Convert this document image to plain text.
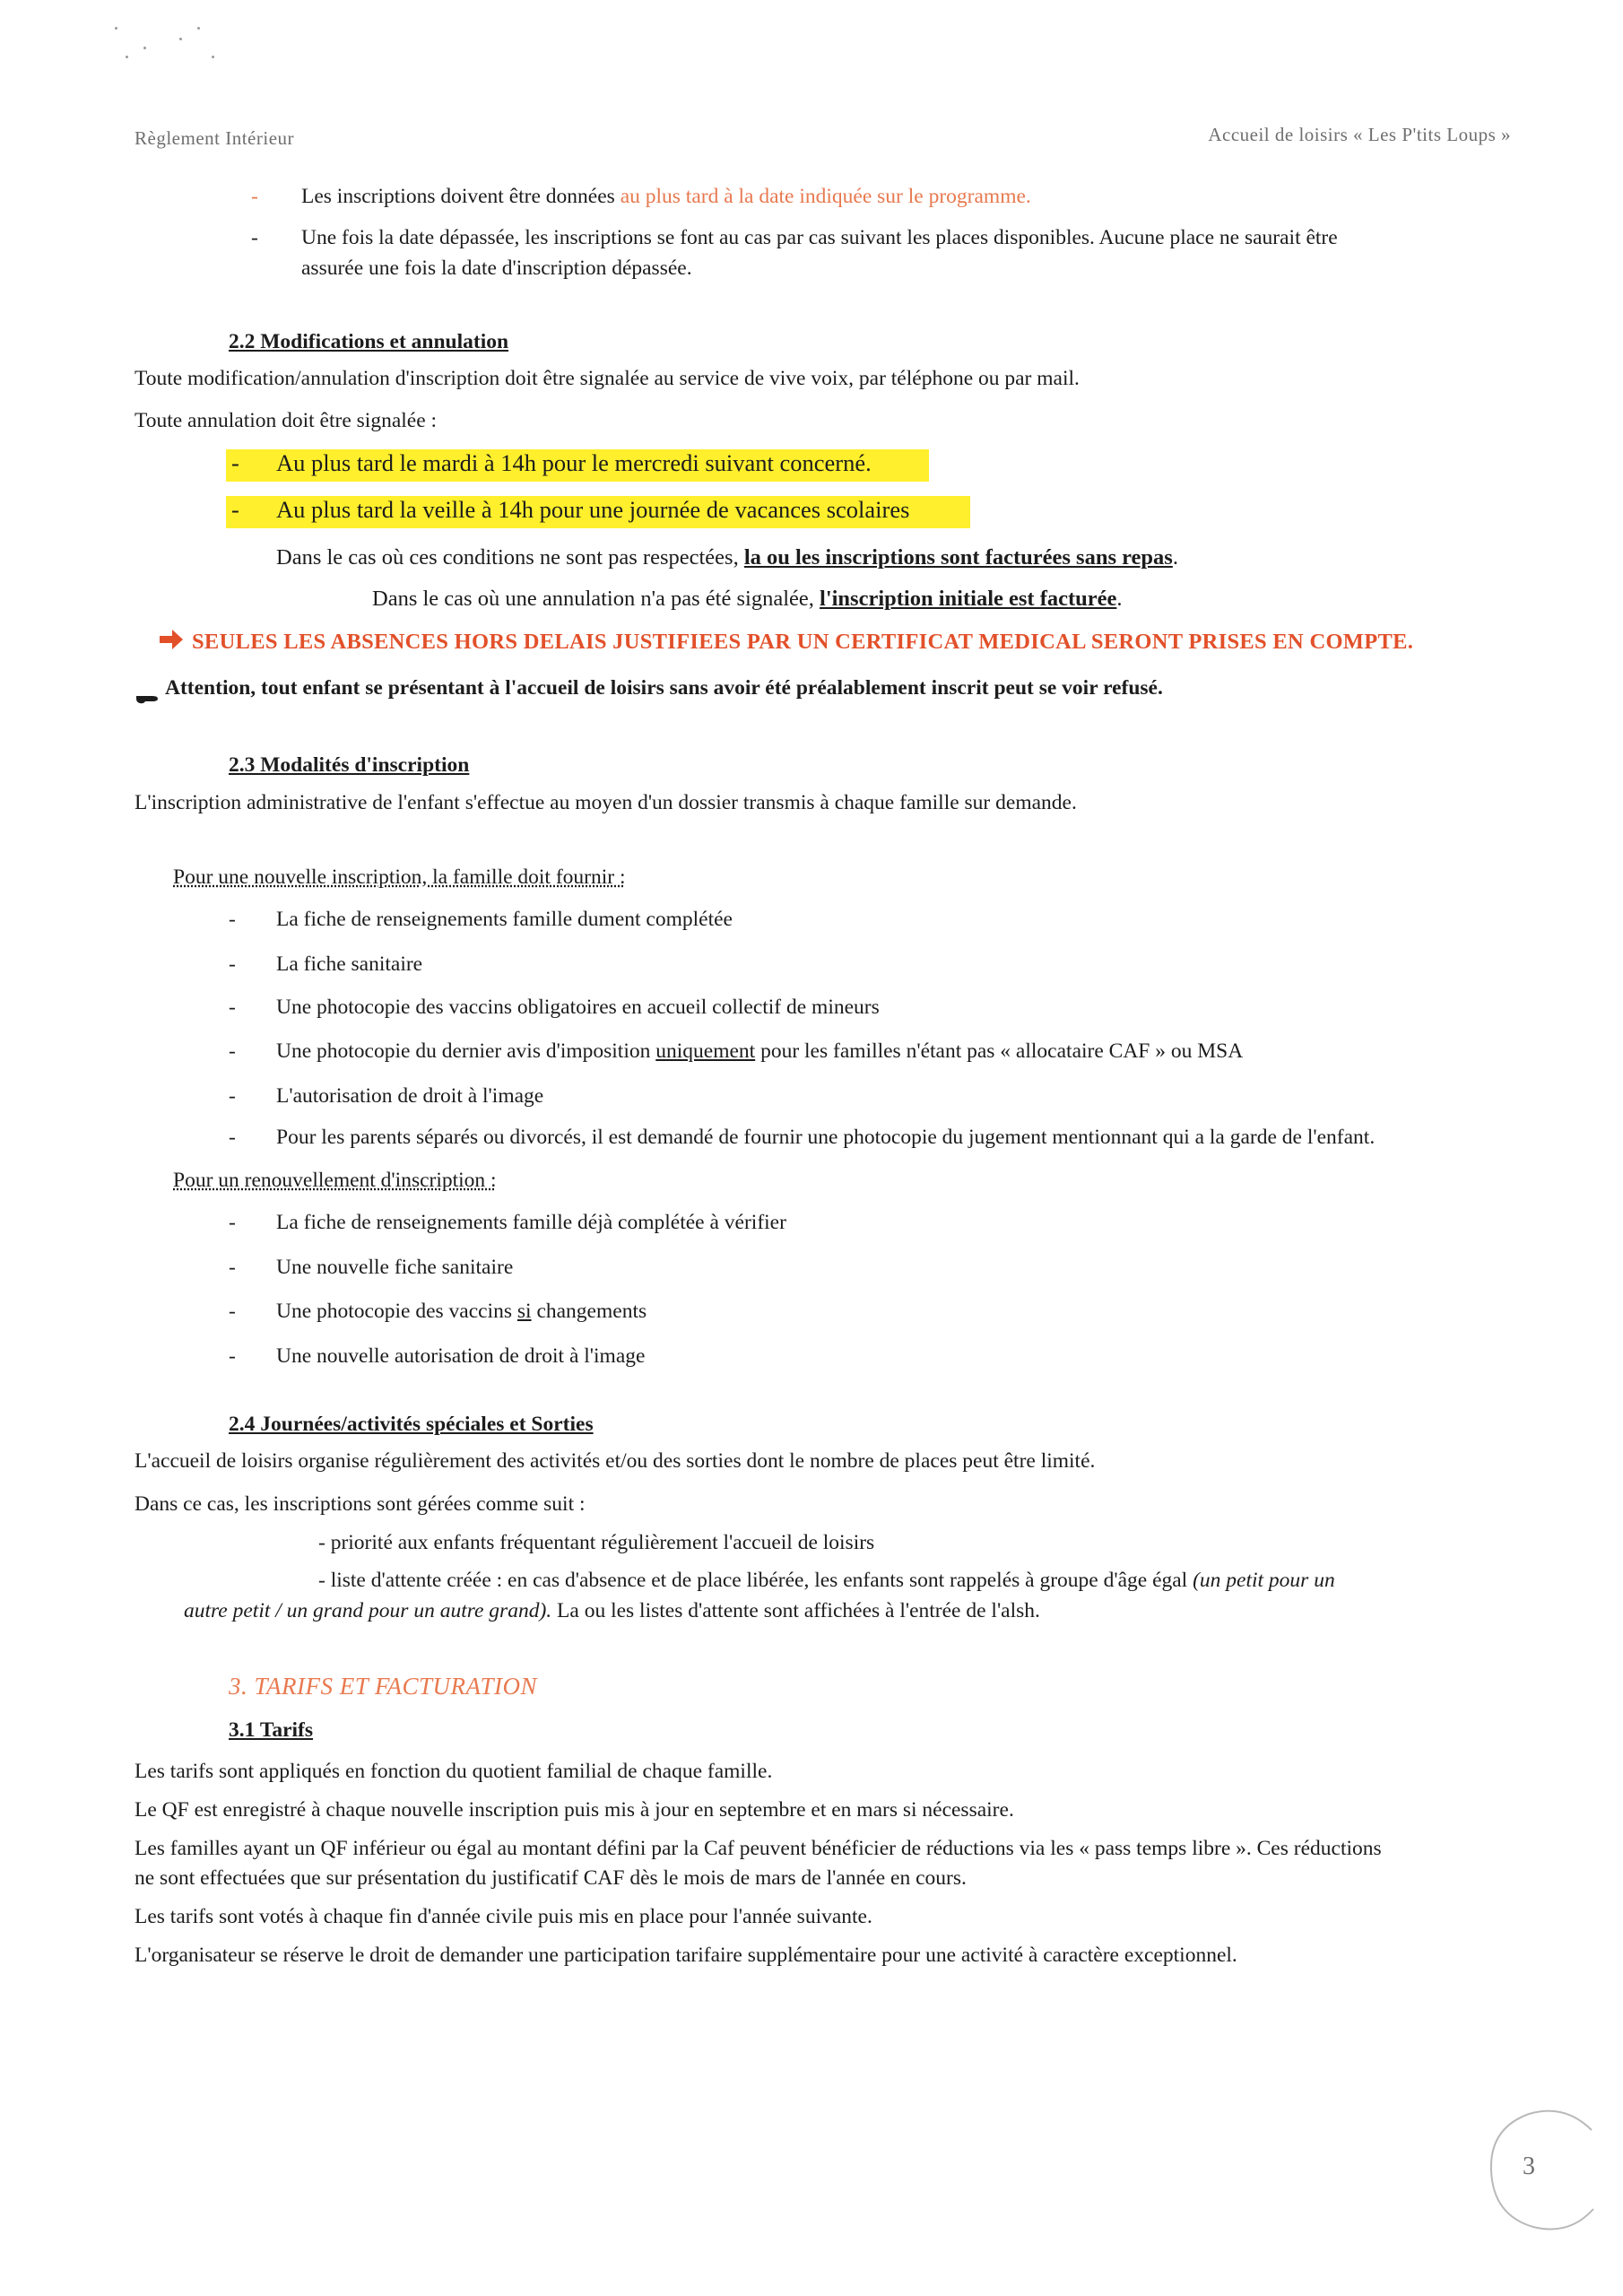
Règlement Intérieur	Accueil de loisirs « Les P'tits Loups »
- Les inscriptions doivent être données au plus tard à la date indiquée sur le programme.
- Une fois la date dépassée, les inscriptions se font au cas par cas suivant les places disponibles. Aucune place ne saurait être
assurée une fois la date d'inscription dépassée.
2.2 Modifications et annulation
Toute modification/annulation d'inscription doit être signalée au service de vive voix, par téléphone ou par mail.
Toute annulation doit être signalée :
- Au plus tard le mardi à 14h pour le mercredi suivant concerné.
- Au plus tard la veille à 14h pour une journée de vacances scolaires
Dans le cas où ces conditions ne sont pas respectées, la ou les inscriptions sont facturées sans repas.
Dans le cas où une annulation n'a pas été signalée, l'inscription initiale est facturée.
SEULES LES ABSENCES HORS DELAIS JUSTIFIEES PAR UN CERTIFICAT MEDICAL SERONT PRISES EN COMPTE.
Attention, tout enfant se présentant à l'accueil de loisirs sans avoir été préalablement inscrit peut se voir refusé.
2.3 Modalités d'inscription
L'inscription administrative de l'enfant s'effectue au moyen d'un dossier transmis à chaque famille sur demande.
Pour une nouvelle inscription, la famille doit fournir :
- La fiche de renseignements famille dument complétée
- La fiche sanitaire
- Une photocopie des vaccins obligatoires en accueil collectif de mineurs
- Une photocopie du dernier avis d'imposition uniquement pour les familles n'étant pas « allocataire CAF » ou MSA
- L'autorisation de droit à l'image
- Pour les parents séparés ou divorcés, il est demandé de fournir une photocopie du jugement mentionnant qui a la garde de l'enfant.
Pour un renouvellement d'inscription :
- La fiche de renseignements famille déjà complétée à vérifier
- Une nouvelle fiche sanitaire
- Une photocopie des vaccins si changements
- Une nouvelle autorisation de droit à l'image
2.4 Journées/activités spéciales et Sorties
L'accueil de loisirs organise régulièrement des activités et/ou des sorties dont le nombre de places peut être limité.
Dans ce cas, les inscriptions sont gérées comme suit :
- priorité aux enfants fréquentant régulièrement l'accueil de loisirs
- liste d'attente créée : en cas d'absence et de place libérée, les enfants sont rappelés à groupe d'âge égal (un petit pour un
autre petit / un grand pour un autre grand). La ou les listes d'attente sont affichées à l'entrée de l'alsh.
3. TARIFS ET FACTURATION
3.1 Tarifs
Les tarifs sont appliqués en fonction du quotient familial de chaque famille.
Le QF est enregistré à chaque nouvelle inscription puis mis à jour en septembre et en mars si nécessaire.
Les familles ayant un QF inférieur ou égal au montant défini par la Caf peuvent bénéficier de réductions via les « pass temps libre ». Ces réductions
ne sont effectuées que sur présentation du justificatif CAF dès le mois de mars de l'année en cours.
Les tarifs sont votés à chaque fin d'année civile puis mis en place pour l'année suivante.
L'organisateur se réserve le droit de demander une participation tarifaire supplémentaire pour une activité à caractère exceptionnel.
3
